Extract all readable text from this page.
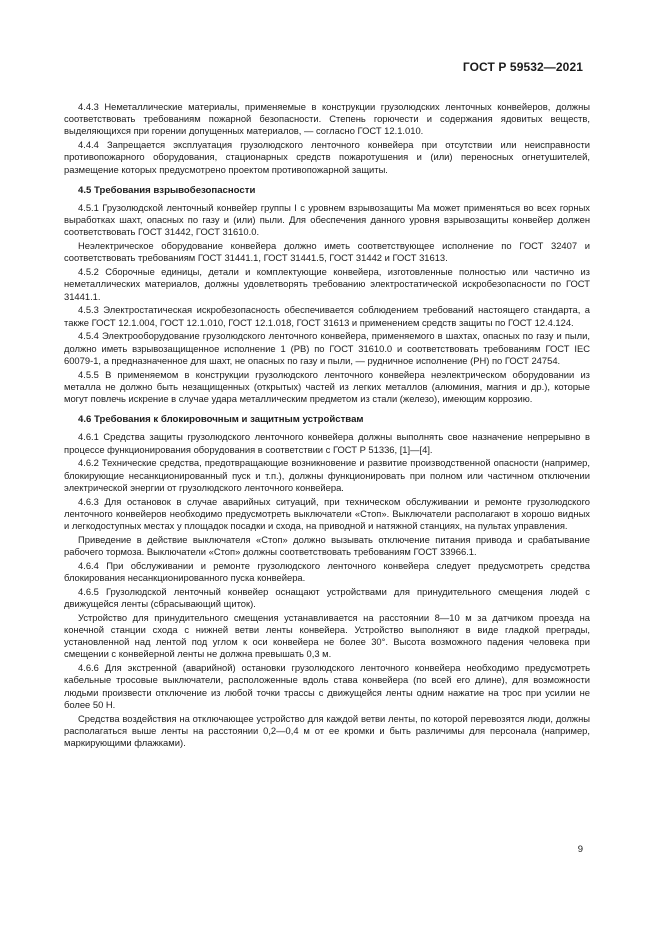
ГОСТ Р 59532—2021

4.4.3 Неметаллические материалы, применяемые в конструкции грузолюдских ленточных конвейеров, должны соответствовать требованиям пожарной безопасности. Степень горючести и содержания ядовитых веществ, выделяющихся при горении допущенных материалов, — согласно ГОСТ 12.1.010.

4.4.4 Запрещается эксплуатация грузолюдского ленточного конвейера при отсутствии или неисправности противопожарного оборудования, стационарных средств пожаротушения и (или) переносных огнетушителей, размещение которых предусмотрено проектом противопожарной защиты.

4.5 Требования взрывобезопасности

4.5.1 Грузолюдской ленточный конвейер группы I с уровнем взрывозащиты Ма может применяться во всех горных выработках шахт, опасных по газу и (или) пыли. Для обеспечения данного уровня взрывозащиты конвейер должен соответствовать ГОСТ 31442, ГОСТ 31610.0.

Неэлектрическое оборудование конвейера должно иметь соответствующее исполнение по ГОСТ 32407 и соответствовать требованиям ГОСТ 31441.1, ГОСТ 31441.5, ГОСТ 31442 и ГОСТ 31613.

4.5.2 Сборочные единицы, детали и комплектующие конвейера, изготовленные полностью или частично из неметаллических материалов, должны удовлетворять требованию электростатической искробезопасности по ГОСТ 31441.1.

4.5.3 Электростатическая искробезопасность обеспечивается соблюдением требований настоящего стандарта, а также ГОСТ 12.1.004, ГОСТ 12.1.010, ГОСТ 12.1.018, ГОСТ 31613 и применением средств защиты по ГОСТ 12.4.124.

4.5.4 Электрооборудование грузолюдского ленточного конвейера, применяемого в шахтах, опасных по газу и пыли, должно иметь взрывозащищенное исполнение 1 (РВ) по ГОСТ 31610.0 и соответствовать требованиям ГОСТ IEC 60079-1, а предназначенное для шахт, не опасных по газу и пыли, — рудничное исполнение (РН) по ГОСТ 24754.

4.5.5 В применяемом в конструкции грузолюдского ленточного конвейера неэлектрическом оборудовании из металла не должно быть незащищенных (открытых) частей из легких металлов (алюминия, магния и др.), которые могут повлечь искрение в случае удара металлическим предметом из стали (железо), имеющим коррозию.

4.6 Требования к блокировочным и защитным устройствам

4.6.1 Средства защиты грузолюдского ленточного конвейера должны выполнять свое назначение непрерывно в процессе функционирования оборудования в соответствии с ГОСТ Р 51336, [1]—[4].

4.6.2 Технические средства, предотвращающие возникновение и развитие производственной опасности (например, блокирующие несанкционированный пуск и т.п.), должны функционировать при полном или частичном отключении электрической энергии от грузолюдского ленточного конвейера.

4.6.3 Для остановок в случае аварийных ситуаций, при техническом обслуживании и ремонте грузолюдского ленточного конвейеров необходимо предусмотреть выключатели «Стоп». Выключатели располагают в хорошо видных и легкодоступных местах у площадок посадки и схода, на приводной и натяжной станциях, на пультах управления.

Приведение в действие выключателя «Стоп» должно вызывать отключение питания привода и срабатывание рабочего тормоза. Выключатели «Стоп» должны соответствовать требованиям ГОСТ 33966.1.

4.6.4 При обслуживании и ремонте грузолюдского ленточного конвейера следует предусмотреть средства блокирования несанкционированного пуска конвейера.

4.6.5 Грузолюдской ленточный конвейер оснащают устройствами для принудительного смещения людей с движущейся ленты (сбрасывающий щиток).

Устройство для принудительного смещения устанавливается на расстоянии 8—10 м за датчиком проезда на конечной станции схода с нижней ветви ленты конвейера. Устройство выполняют в виде гладкой преграды, установленной над лентой под углом к оси конвейера не более 30°. Высота возможного падения человека при смещении с конвейерной ленты не должна превышать 0,3 м.

4.6.6 Для экстренной (аварийной) остановки грузолюдского ленточного конвейера необходимо предусмотреть кабельные тросовые выключатели, расположенные вдоль става конвейера (по всей его длине), для возможности людьми произвести отключение из любой точки трассы с движущейся ленты одним нажатие на трос при усилии не более 50 Н.

Средства воздействия на отключающее устройство для каждой ветви ленты, по которой перевозятся люди, должны располагаться выше ленты на расстоянии 0,2—0,4 м от ее кромки и быть различимы для персонала (например, маркирующими флажками).

9
